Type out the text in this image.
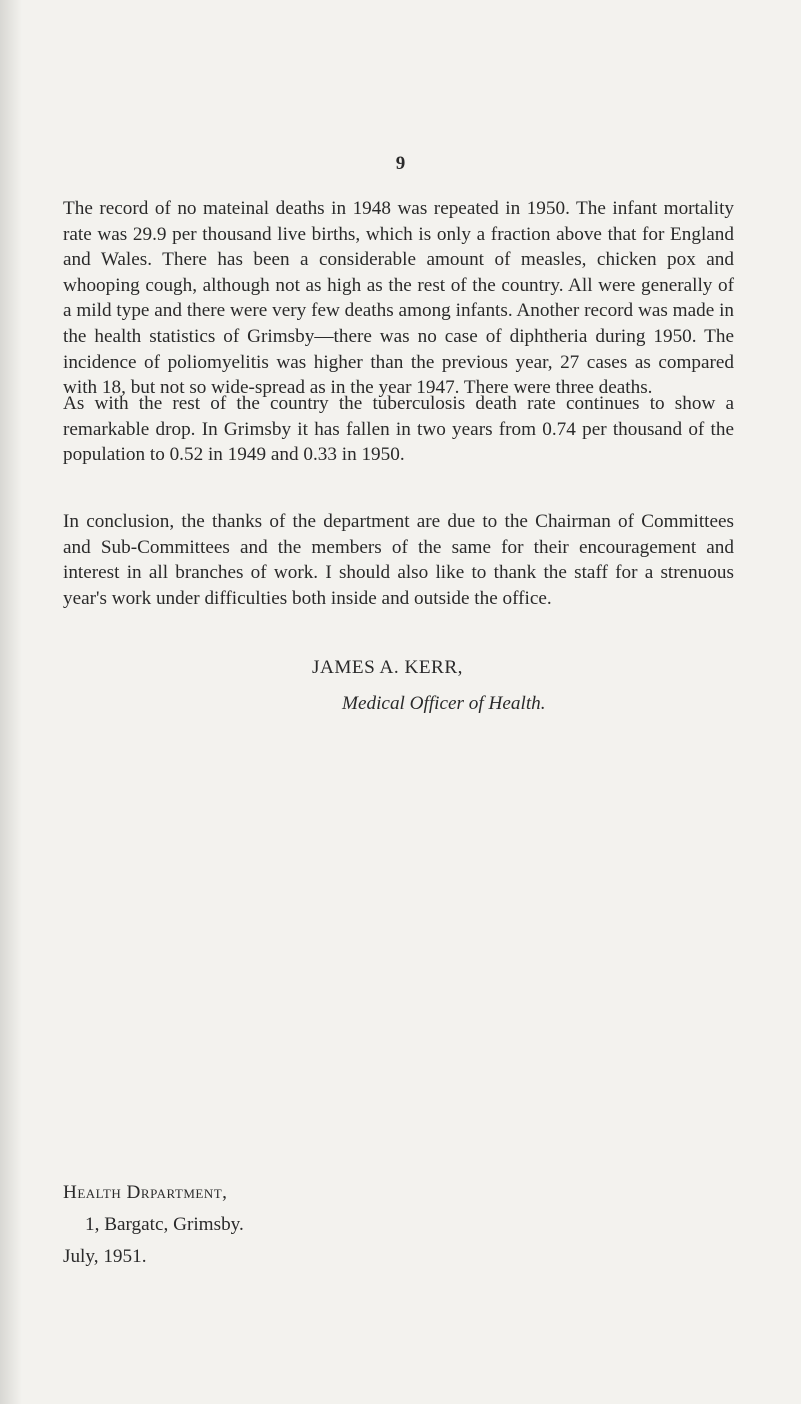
9

The record of no mateinal deaths in 1948 was repeated in 1950. The infant mortality rate was 29.9 per thousand live births, which is only a fraction above that for England and Wales. There has been a considerable amount of measles, chicken pox and whooping cough, although not as high as the rest of the country. All were generally of a mild type and there were very few deaths among infants. Another record was made in the health statistics of Grimsby—there was no case of diphtheria during 1950. The incidence of poliomyelitis was higher than the previous year, 27 cases as compared with 18, but not so wide-spread as in the year 1947. There were three deaths.

As with the rest of the country the tuberculosis death rate continues to show a remarkable drop. In Grimsby it has fallen in two years from 0.74 per thousand of the population to 0.52 in 1949 and 0.33 in 1950.

In conclusion, the thanks of the department are due to the Chairman of Committees and Sub-Committees and the members of the same for their encouragement and interest in all branches of work. I should also like to thank the staff for a strenuous year's work under difficulties both inside and outside the office.

JAMES A. KERR,
Medical Officer of Health.
Health Drpartment,
1, Bargatc, Grimsby.
July, 1951.
